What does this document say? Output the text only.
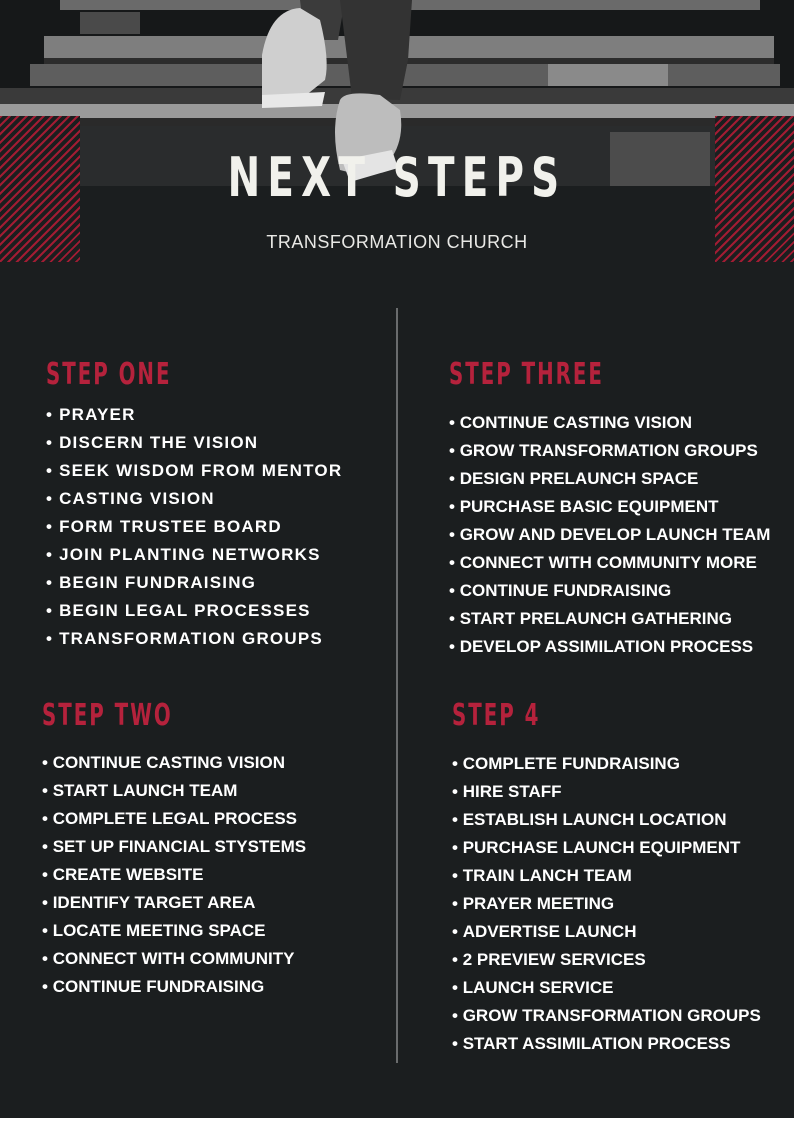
NEXT STEPS
TRANSFORMATION CHURCH
STEP ONE
• PRAYER
• DISCERN THE VISION
• SEEK WISDOM FROM MENTOR
• CASTING VISION
• FORM TRUSTEE BOARD
• JOIN PLANTING NETWORKS
• BEGIN FUNDRAISING
• BEGIN LEGAL PROCESSES
• TRANSFORMATION GROUPS
STEP TWO
• CONTINUE CASTING VISION
• START LAUNCH TEAM
• COMPLETE LEGAL PROCESS
• SET UP FINANCIAL STYSTEMS
• CREATE WEBSITE
• IDENTIFY TARGET AREA
• LOCATE MEETING SPACE
• CONNECT WITH COMMUNITY
• CONTINUE FUNDRAISING
STEP THREE
• CONTINUE CASTING VISION
• GROW TRANSFORMATION GROUPS
• DESIGN PRELAUNCH SPACE
• PURCHASE BASIC EQUIPMENT
• GROW AND DEVELOP LAUNCH TEAM
• CONNECT WITH COMMUNITY MORE
• CONTINUE FUNDRAISING
• START PRELAUNCH GATHERING
• DEVELOP ASSIMILATION PROCESS
STEP 4
• COMPLETE FUNDRAISING
• HIRE STAFF
• ESTABLISH LAUNCH LOCATION
• PURCHASE LAUNCH EQUIPMENT
• TRAIN LANCH TEAM
• PRAYER MEETING
• ADVERTISE LAUNCH
• 2 PREVIEW SERVICES
• LAUNCH SERVICE
• GROW TRANSFORMATION GROUPS
• START ASSIMILATION PROCESS
